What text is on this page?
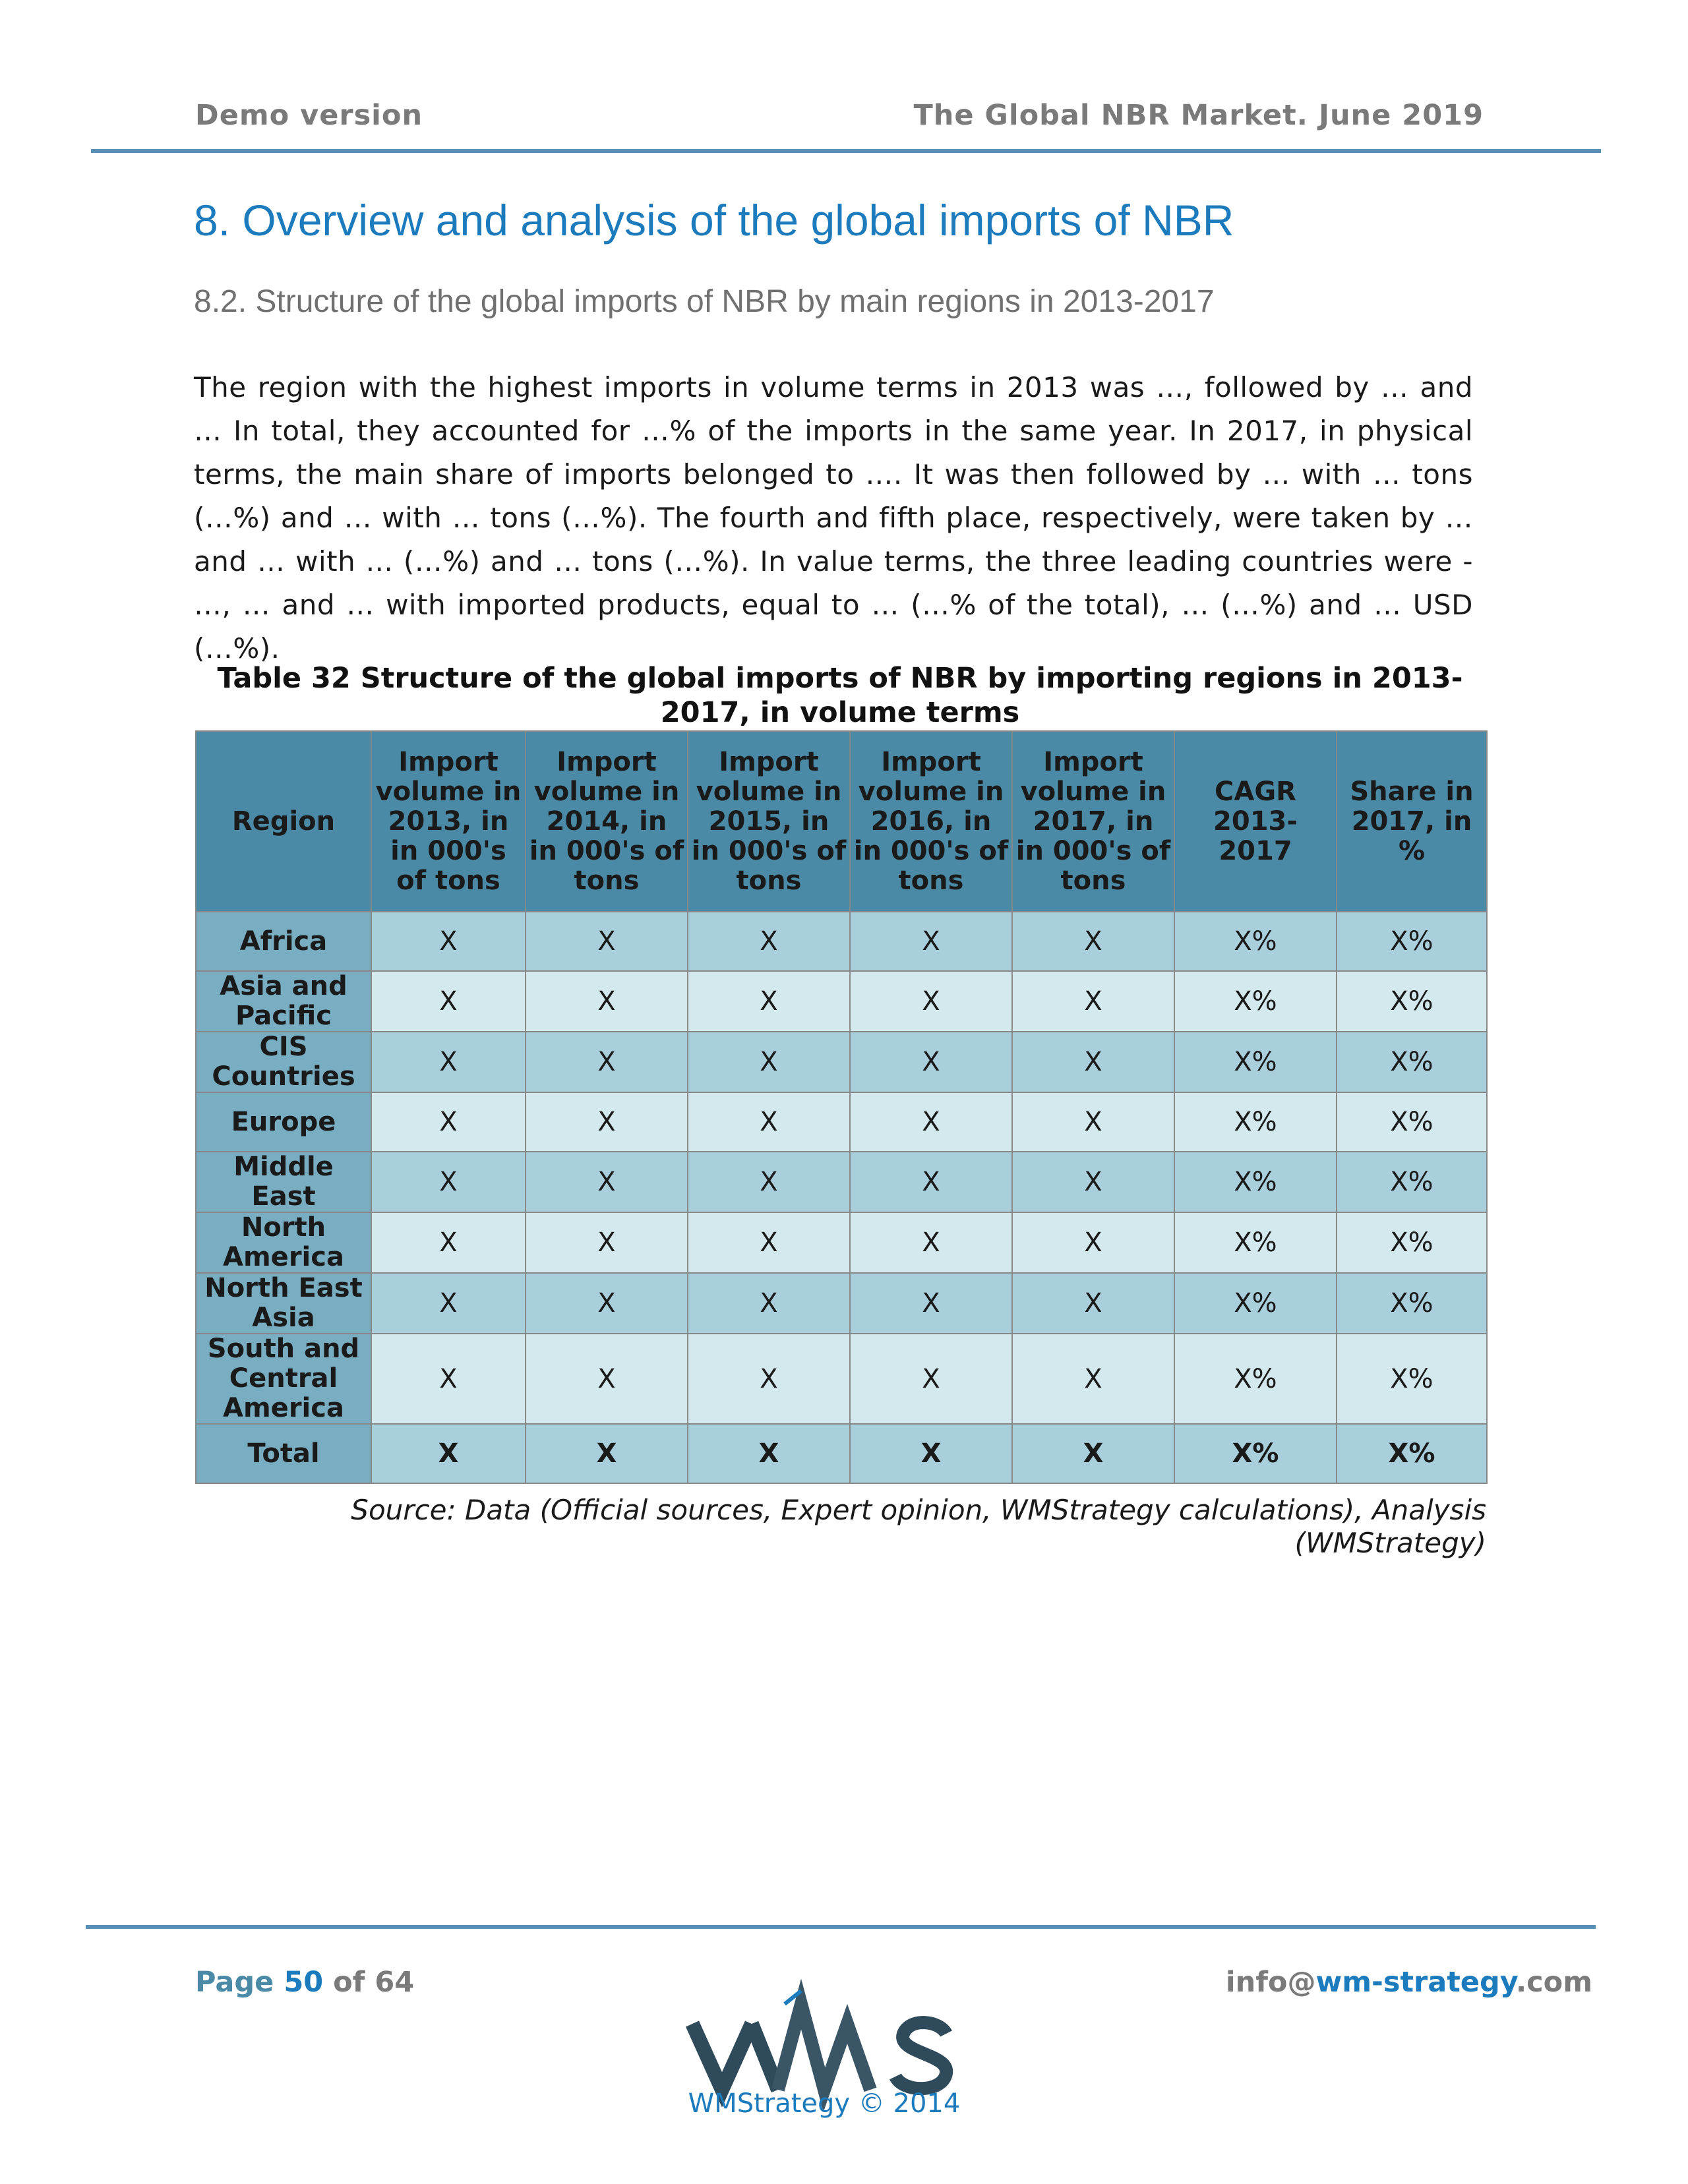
Demo version	The Global NBR Market. June 2019
8. Overview and analysis of the global imports of NBR
8.2. Structure of the global imports of NBR by main regions in 2013-2017
The region with the highest imports in volume terms in 2013 was …, followed by … and … In total, they accounted for …% of the imports in the same year. In 2017, in physical terms, the main share of imports belonged to …. It was then followed by … with … tons (…%) and … with … tons (…%). The fourth and fifth place, respectively, were taken by … and … with ... (…%) and … tons (…%). In value terms, the three leading countries were - …, … and … with imported products, equal to … (…% of the total), … (…%) and … USD (…%).
Table 32 Structure of the global imports of NBR by importing regions in 2013-
2017, in volume terms
Region	Import volume in 2013, in in 000's of tons	Import volume in 2014, in in 000's of tons	Import volume in 2015, in in 000's of tons	Import volume in 2016, in in 000's of tons	Import volume in 2017, in in 000's of tons	CAGR 2013-2017	Share in 2017, in %
Africa	X	X	X	X	X	X%	X%
Asia and Pacific	X	X	X	X	X	X%	X%
CIS Countries	X	X	X	X	X	X%	X%
Europe	X	X	X	X	X	X%	X%
Middle East	X	X	X	X	X	X%	X%
North America	X	X	X	X	X	X%	X%
North East Asia	X	X	X	X	X	X%	X%
South and Central America	X	X	X	X	X	X%	X%
Total	X	X	X	X	X	X%	X%
Source: Data (Official sources, Expert opinion, WMStrategy calculations), Analysis (WMStrategy)
Page 50 of 64
WMStrategy © 2014
info@wm-strategy.com
